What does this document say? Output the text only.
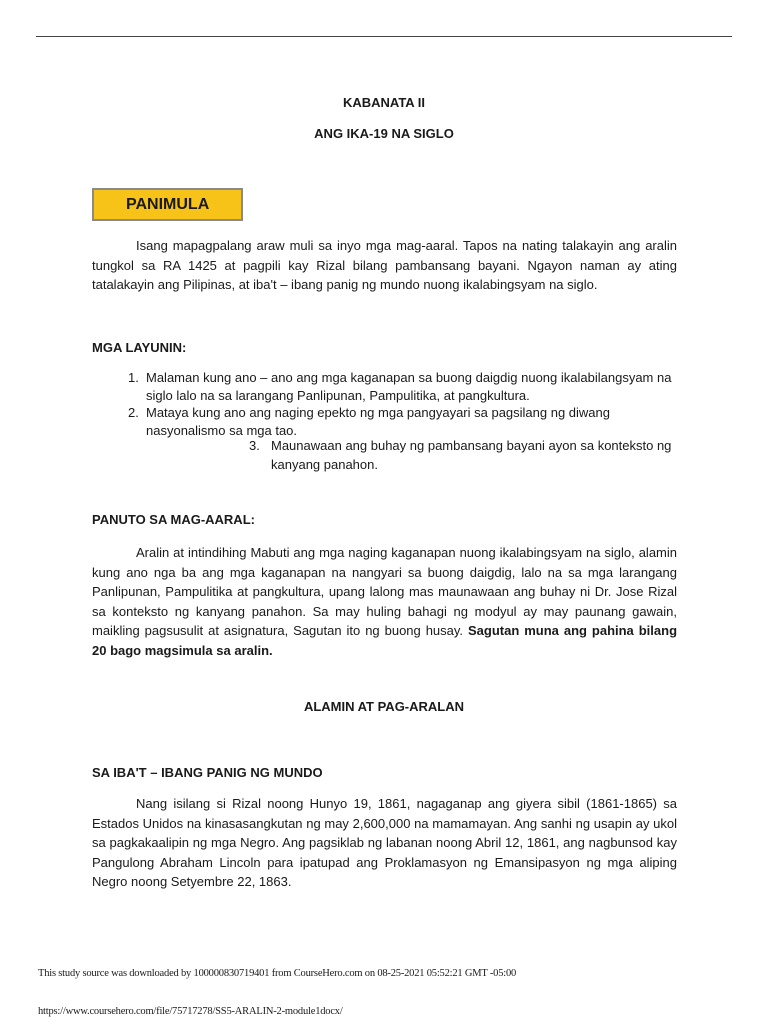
KABANATA II
ANG IKA-19 NA SIGLO
PANIMULA

Isang mapagpalang araw muli sa inyo mga mag-aaral. Tapos na nating talakayin ang aralin tungkol sa RA 1425 at pagpili kay Rizal bilang pambansang bayani. Ngayon naman ay ating tatalakayin ang Pilipinas, at iba't – ibang panig ng mundo nuong ikalabingsyam na siglo.

MGA LAYUNIN:
1. Malaman kung ano – ano ang mga kaganapan sa buong daigdig nuong ikalabilangsyam na siglo lalo na sa larangang Panlipunan, Pampulitika, at pangkultura.
2. Mataya kung ano ang naging epekto ng mga pangyayari sa pagsilang ng diwang nasyonalismo sa mga tao.
3. Maunawaan ang buhay ng pambansang bayani ayon sa konteksto ng kanyang panahon.
PANUTO SA MAG-AARAL:

Aralin at intindihing Mabuti ang mga naging kaganapan nuong ikalabingsyam na siglo, alamin kung ano nga ba ang mga kaganapan na nangyari sa buong daigdig, lalo na sa mga larangang Panlipunan, Pampulitika at pangkultura, upang lalong mas maunawaan ang buhay ni Dr. Jose Rizal sa konteksto ng kanyang panahon. Sa may huling bahagi ng modyul ay may paunang gawain, maikling pagsusulit at asignatura, Sagutan ito ng buong husay. Sagutan muna ang pahina bilang 20 bago magsimula sa aralin.

ALAMIN AT PAG-ARALAN
SA IBA'T – IBANG PANIG NG MUNDO

Nang isilang si Rizal noong Hunyo 19, 1861, nagaganap ang giyera sibil (1861-1865) sa Estados Unidos na kinasasangkutan ng may 2,600,000 na mamamayan. Ang sanhi ng usapin ay ukol sa pagkakaalipin ng mga Negro. Ang pagsiklab ng labanan noong Abril 12, 1861, ang nagbunsod kay Pangulong Abraham Lincoln para ipatupad ang Proklamasyon ng Emansipasyon ng mga aliping Negro noong Setyembre 22, 1863.

This study source was downloaded by 100000830719401 from CourseHero.com on 08-25-2021 05:52:21 GMT -05:00
https://www.coursehero.com/file/75717278/SS5-ARALIN-2-module1docx/
